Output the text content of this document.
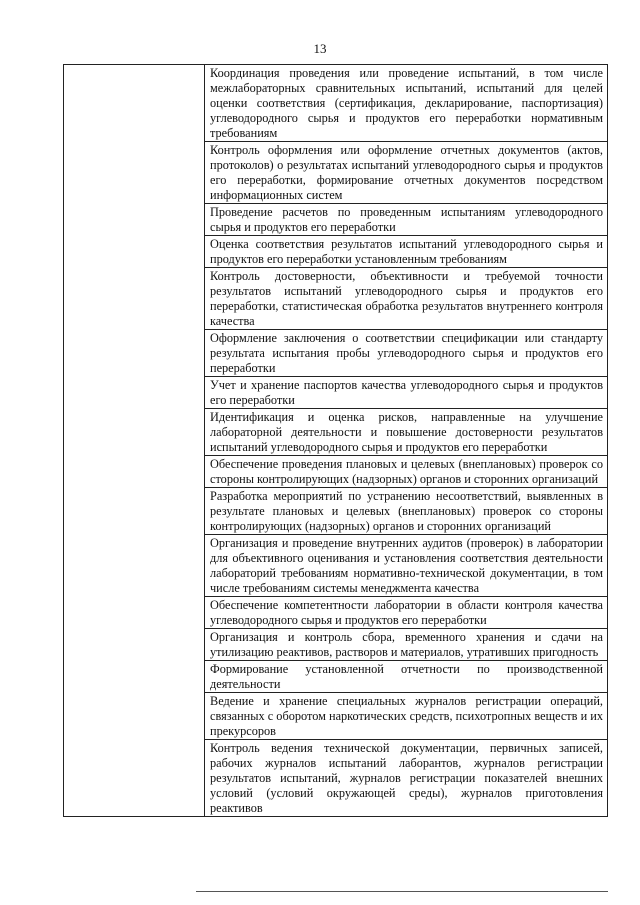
13
	Координация проведения или проведение испытаний, в том числе межлабораторных сравнительных испытаний, испытаний для целей оценки соответствия (сертификация, декларирование, паспортизация) углеводородного сырья и продуктов его переработки нормативным требованиям
Контроль оформления или оформление отчетных документов (актов, протоколов) о результатах испытаний углеводородного сырья и продуктов его переработки, формирование отчетных документов посредством информационных систем
Проведение расчетов по проведенным испытаниям углеводородного сырья и продуктов его переработки
Оценка соответствия результатов испытаний углеводородного сырья и продуктов его переработки установленным требованиям
Контроль достоверности, объективности и требуемой точности результатов испытаний углеводородного сырья и продуктов его переработки, статистическая обработка результатов внутреннего контроля качества
Оформление заключения о соответствии спецификации или стандарту результата испытания пробы углеводородного сырья и продуктов его переработки
Учет и хранение паспортов качества углеводородного сырья и продуктов его переработки
Идентификация и оценка рисков, направленные на улучшение лабораторной деятельности и повышение достоверности результатов испытаний углеводородного сырья и продуктов его переработки
Обеспечение проведения плановых и целевых (внеплановых) проверок со стороны контролирующих (надзорных) органов и сторонних организаций
Разработка мероприятий по устранению несоответствий, выявленных в результате плановых и целевых (внеплановых) проверок со стороны контролирующих (надзорных) органов и сторонних организаций
Организация и проведение внутренних аудитов (проверок) в лаборатории для объективного оценивания и установления соответствия деятельности лабораторий требованиям нормативно-технической документации, в том числе требованиям системы менеджмента качества
Обеспечение компетентности лаборатории в области контроля качества углеводородного сырья и продуктов его переработки
Организация и контроль сбора, временного хранения и сдачи на утилизацию реактивов, растворов и материалов, утративших пригодность
Формирование установленной отчетности по производственной деятельности
Ведение и хранение специальных журналов регистрации операций, связанных с оборотом наркотических средств, психотропных веществ и их прекурсоров
Контроль ведения технической документации, первичных записей, рабочих журналов испытаний лаборантов, журналов регистрации результатов испытаний, журналов регистрации показателей внешних условий (условий окружающей среды), журналов приготовления реактивов
